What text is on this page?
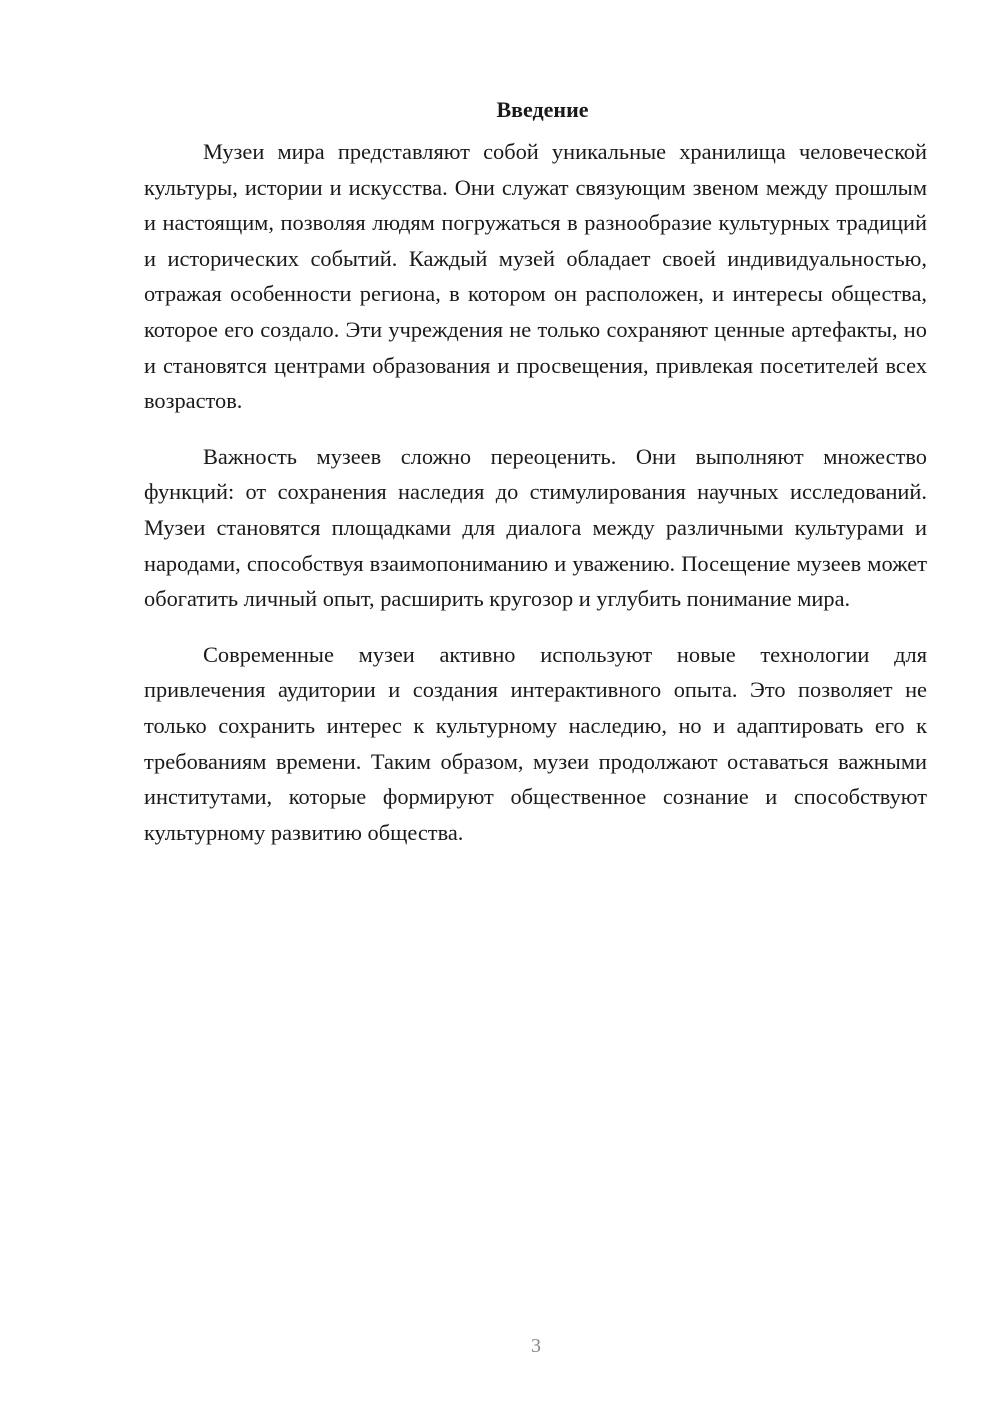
Введение

Музеи мира представляют собой уникальные хранилища человеческой культуры, истории и искусства. Они служат связующим звеном между прошлым и настоящим, позволяя людям погружаться в разнообразие культурных традиций и исторических событий. Каждый музей обладает своей индивидуальностью, отражая особенности региона, в котором он расположен, и интересы общества, которое его создало. Эти учреждения не только сохраняют ценные артефакты, но и становятся центрами образования и просвещения, привлекая посетителей всех возрастов.

Важность музеев сложно переоценить. Они выполняют множество функций: от сохранения наследия до стимулирования научных исследований. Музеи становятся площадками для диалога между различными культурами и народами, способствуя взаимопониманию и уважению. Посещение музеев может обогатить личный опыт, расширить кругозор и углубить понимание мира.

Современные музеи активно используют новые технологии для привлечения аудитории и создания интерактивного опыта. Это позволяет не только сохранить интерес к культурному наследию, но и адаптировать его к требованиям времени. Таким образом, музеи продолжают оставаться важными институтами, которые формируют общественное сознание и способствуют культурному развитию общества.

3
